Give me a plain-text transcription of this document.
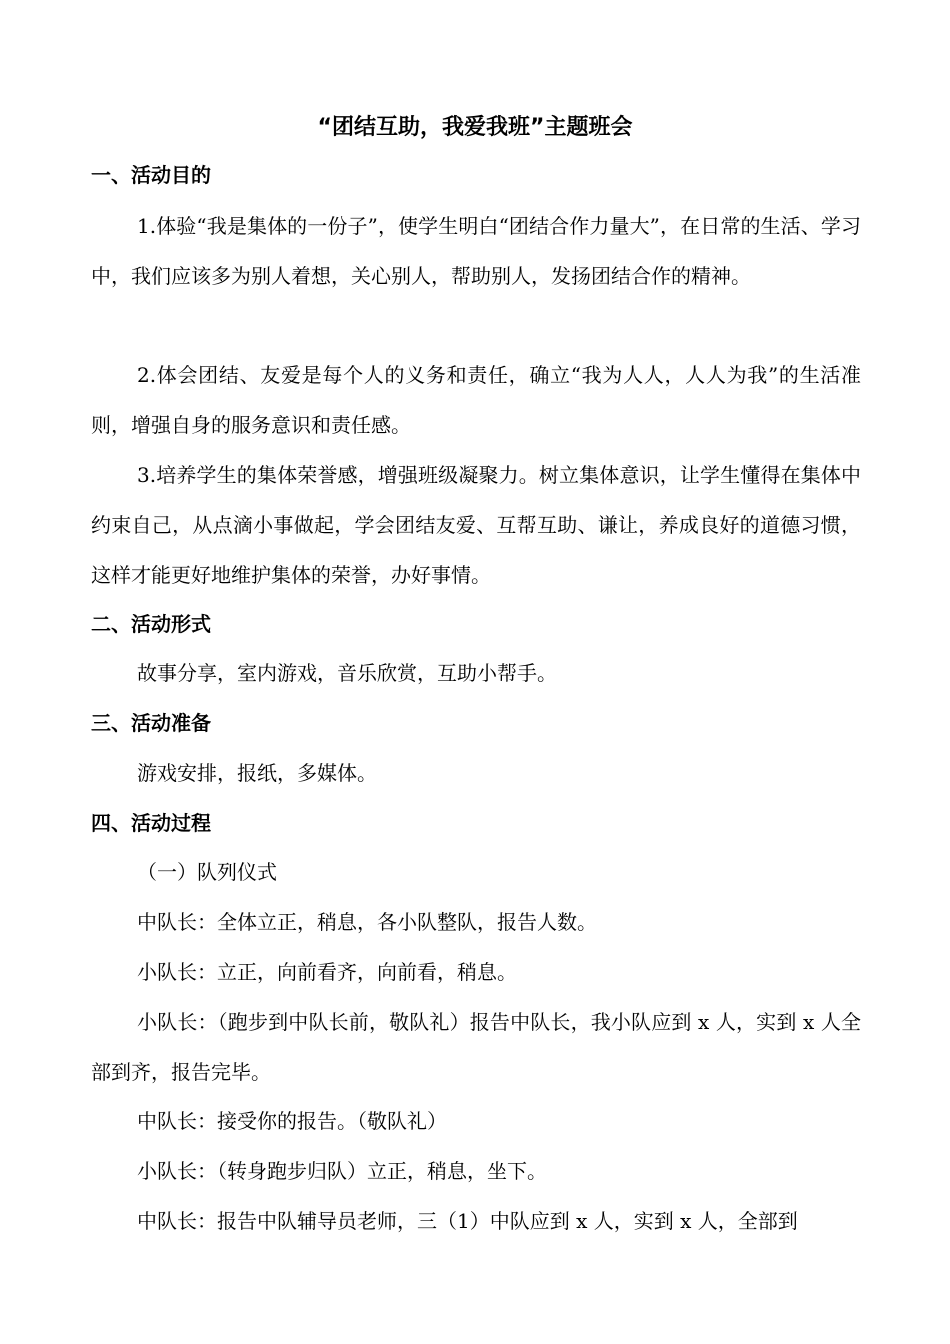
“团结互助，我爱我班”主题班会
一、活动目的
1.体验“我是集体的一份子”，使学生明白“团结合作力量大”，在日常的生活、学习中，我们应该多为别人着想，关心别人，帮助别人，发扬团结合作的精神。
2.体会团结、友爱是每个人的义务和责任，确立“我为人人，人人为我”的生活准则，增强自身的服务意识和责任感。
3.培养学生的集体荣誉感，增强班级凝聚力。树立集体意识，让学生懂得在集体中约束自己，从点滴小事做起，学会团结友爱、互帮互助、谦让，养成良好的道德习惯，这样才能更好地维护集体的荣誉，办好事情。
二、活动形式
故事分享，室内游戏，音乐欣赏，互助小帮手。
三、活动准备
游戏安排，报纸，多媒体。
四、活动过程
（一）队列仪式
中队长：全体立正，稍息，各小队整队，报告人数。
小队长：立正，向前看齐，向前看，稍息。
小队长：（跑步到中队长前，敬队礼）报告中队长，我小队应到 x 人，实到 x 人全部到齐，报告完毕。
中队长：接受你的报告。（敬队礼）
小队长：（转身跑步归队）立正，稍息，坐下。
中队长：报告中队辅导员老师，三（1）中队应到 x 人，实到 x 人，全部到
